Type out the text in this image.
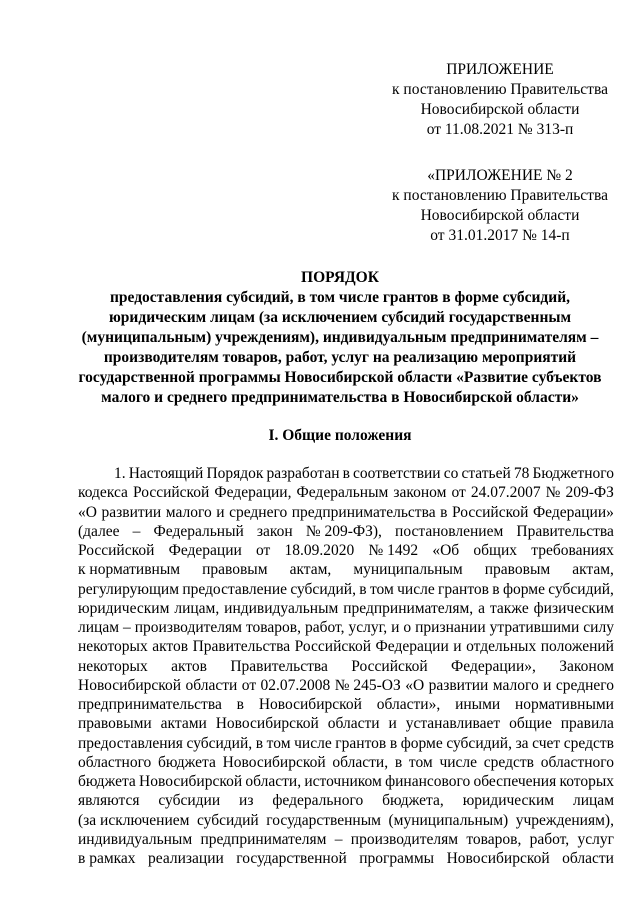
ПРИЛОЖЕНИЕ
к постановлению Правительства
Новосибирской области
от 11.08.2021 № 313-п
«ПРИЛОЖЕНИЕ № 2
к постановлению Правительства
Новосибирской области
от 31.01.2017 № 14-п
ПОРЯДОК
предоставления субсидий, в том числе грантов в форме субсидий,
юридическим лицам (за исключением субсидий государственным
(муниципальным) учреждениям), индивидуальным предпринимателям –
производителям товаров, работ, услуг на реализацию мероприятий
государственной программы Новосибирской области «Развитие субъектов
малого и среднего предпринимательства в Новосибирской области»
I. Общие положения
1. Настоящий Порядок разработан в соответствии со статьей 78 Бюджетного
кодекса Российской Федерации, Федеральным законом от 24.07.2007 № 209-ФЗ
«О развитии малого и среднего предпринимательства в Российской Федерации»
(далее – Федеральный закон № 209-ФЗ), постановлением Правительства
Российской Федерации от 18.09.2020 № 1492 «Об общих требованиях
к нормативным правовым актам, муниципальным правовым актам,
регулирующим предоставление субсидий, в том числе грантов в форме субсидий,
юридическим лицам, индивидуальным предпринимателям, а также физическим
лицам – производителям товаров, работ, услуг, и о признании утратившими силу
некоторых актов Правительства Российской Федерации и отдельных положений
некоторых актов Правительства Российской Федерации», Законом
Новосибирской области от 02.07.2008 № 245-ОЗ «О развитии малого и среднего
предпринимательства в Новосибирской области», иными нормативными
правовыми актами Новосибирской области и устанавливает общие правила
предоставления субсидий, в том числе грантов в форме субсидий, за счет средств
областного бюджета Новосибирской области, в том числе средств областного
бюджета Новосибирской области, источником финансового обеспечения которых
являются субсидии из федерального бюджета, юридическим лицам
(за исключением субсидий государственным (муниципальным) учреждениям),
индивидуальным предпринимателям – производителям товаров, работ, услуг
в рамках реализации государственной программы Новосибирской области
